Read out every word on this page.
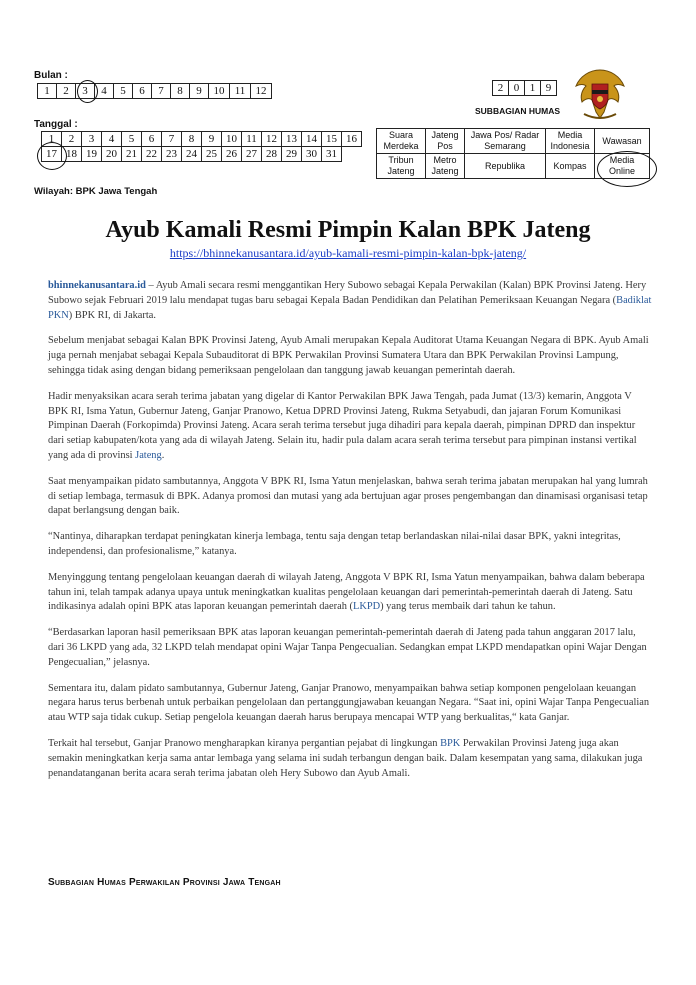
Bulan :
1	2	3	4	5	6	7	8	9	10	11	12
Tanggal :
1	2	3	4	5	6	7	8	9	10	11	12	13	14	15	16
17	18	19	20	21	22	23	24	25	26	27	28	29	30	31	
Wilayah: BPK Jawa Tengah
2	0	1	9
SUBBAGIAN HUMAS
Suara Merdeka	Jateng Pos	Jawa Pos/ Radar Semarang	Media Indonesia	Wawasan
Tribun Jateng	Metro Jateng	Republika	Kompas	Media Online
Ayub Kamali Resmi Pimpin Kalan BPK Jateng
https://bhinnekanusantara.id/ayub-kamali-resmi-pimpin-kalan-bpk-jateng/

bhinnekanusantara.id – Ayub Amali secara resmi menggantikan Hery Subowo sebagai Kepala Perwakilan (Kalan) BPK Provinsi Jateng. Hery Subowo sejak Februari 2019 lalu mendapat tugas baru sebagai Kepala Badan Pendidikan dan Pelatihan Pemeriksaan Keuangan Negara (Badiklat PKN) BPK RI, di Jakarta.

Sebelum menjabat sebagai Kalan BPK Provinsi Jateng, Ayub Amali merupakan Kepala Auditorat Utama Keuangan Negara di BPK. Ayub Amali juga pernah menjabat sebagai Kepala Subauditorat di BPK Perwakilan Provinsi Sumatera Utara dan BPK Perwakilan Provinsi Lampung, sehingga tidak asing dengan bidang pemeriksaan pengelolaan dan tanggung jawab keuangan pemerintah daerah.

Hadir menyaksikan acara serah terima jabatan yang digelar di Kantor Perwakilan BPK Jawa Tengah, pada Jumat (13/3) kemarin, Anggota V BPK RI, Isma Yatun, Gubernur Jateng, Ganjar Pranowo, Ketua DPRD Provinsi Jateng, Rukma Setyabudi, dan jajaran Forum Komunikasi Pimpinan Daerah (Forkopimda) Provinsi Jateng. Acara serah terima tersebut juga dihadiri para kepala daerah, pimpinan DPRD dan inspektur dari setiap kabupaten/kota yang ada di wilayah Jateng. Selain itu, hadir pula dalam acara serah terima tersebut para pimpinan instansi vertikal yang ada di provinsi Jateng.

Saat menyampaikan pidato sambutannya, Anggota V BPK RI, Isma Yatun menjelaskan, bahwa serah terima jabatan merupakan hal yang lumrah di setiap lembaga, termasuk di BPK. Adanya promosi dan mutasi yang ada bertujuan agar proses pengembangan dan dinamisasi organisasi tetap dapat berlangsung dengan baik.

“Nantinya, diharapkan terdapat peningkatan kinerja lembaga, tentu saja dengan tetap berlandaskan nilai-nilai dasar BPK, yakni integritas, independensi, dan profesionalisme,” katanya.

Menyinggung tentang pengelolaan keuangan daerah di wilayah Jateng, Anggota V BPK RI, Isma Yatun menyampaikan, bahwa dalam beberapa tahun ini, telah tampak adanya upaya untuk meningkatkan kualitas pengelolaan keuangan dari pemerintah-pemerintah daerah di Jateng. Satu indikasinya adalah opini BPK atas laporan keuangan pemerintah daerah (LKPD) yang terus membaik dari tahun ke tahun.

“Berdasarkan laporan hasil pemeriksaan BPK atas laporan keuangan pemerintah-pemerintah daerah di Jateng pada tahun anggaran 2017 lalu, dari 36 LKPD yang ada, 32 LKPD telah mendapat opini Wajar Tanpa Pengecualian. Sedangkan empat LKPD mendapatkan opini Wajar Dengan Pengecualian,” jelasnya.

Sementara itu, dalam pidato sambutannya, Gubernur Jateng, Ganjar Pranowo, menyampaikan bahwa setiap komponen pengelolaan keuangan negara harus terus berbenah untuk perbaikan pengelolaan dan pertanggungjawaban keuangan Negara. “Saat ini, opini Wajar Tanpa Pengecualian atau WTP saja tidak cukup. Setiap pengelola keuangan daerah harus berupaya mencapai WTP yang berkualitas,“ kata Ganjar.

Terkait hal tersebut, Ganjar Pranowo mengharapkan kiranya pergantian pejabat di lingkungan BPK Perwakilan Provinsi Jateng juga akan semakin meningkatkan kerja sama antar lembaga yang selama ini sudah terbangun dengan baik. Dalam kesempatan yang sama, dilakukan juga penandatanganan berita acara serah terima jabatan oleh Hery Subowo dan Ayub Amali.

Subbagian Humas Perwakilan Provinsi Jawa Tengah
